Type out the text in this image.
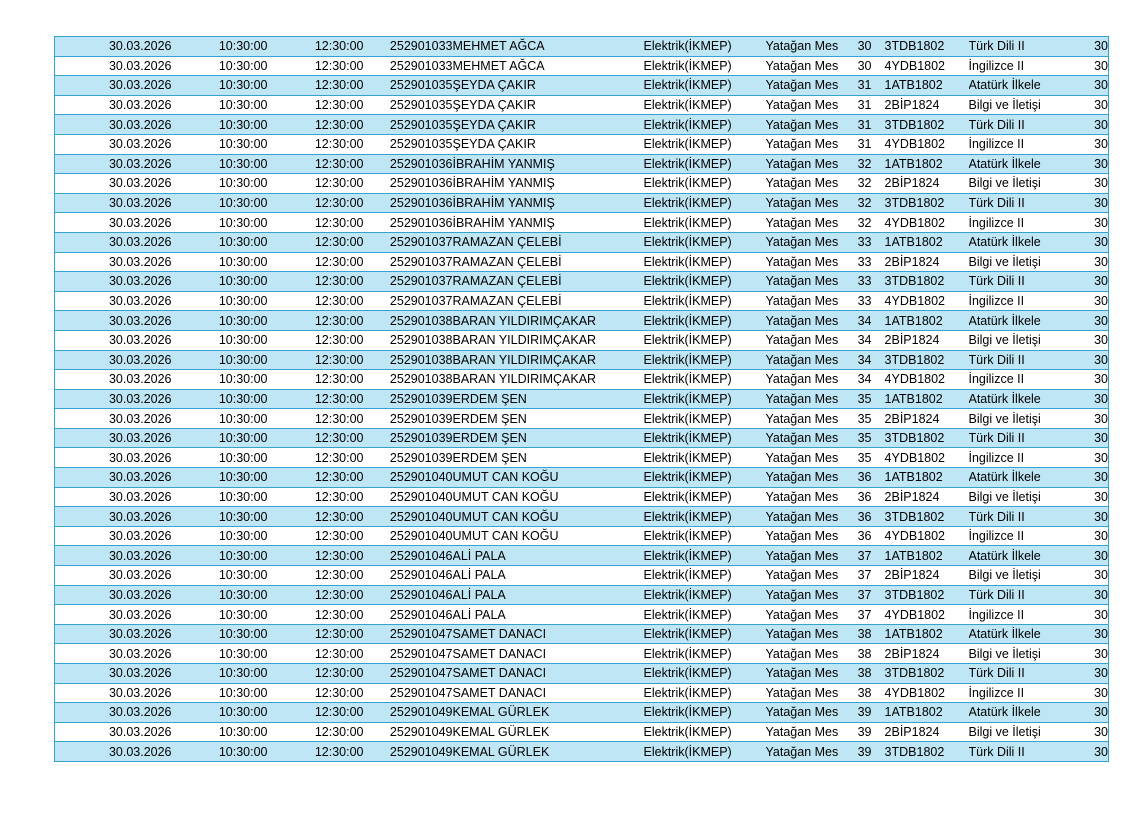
30.03.2026	10:30:00	12:30:00	252901033	MEHMET AĞCA	Elektrik(İKMEP)	Yatağan Mes	30	3	TDB1802	Türk Dili II	30
30.03.2026	10:30:00	12:30:00	252901033	MEHMET AĞCA	Elektrik(İKMEP)	Yatağan Mes	30	4	YDB1802	İngilizce II	30
30.03.2026	10:30:00	12:30:00	252901035	ŞEYDA ÇAKIR	Elektrik(İKMEP)	Yatağan Mes	31	1	ATB1802	Atatürk İlkele	30
30.03.2026	10:30:00	12:30:00	252901035	ŞEYDA ÇAKIR	Elektrik(İKMEP)	Yatağan Mes	31	2	BİP1824	Bilgi ve İletişi	30
30.03.2026	10:30:00	12:30:00	252901035	ŞEYDA ÇAKIR	Elektrik(İKMEP)	Yatağan Mes	31	3	TDB1802	Türk Dili II	30
30.03.2026	10:30:00	12:30:00	252901035	ŞEYDA ÇAKIR	Elektrik(İKMEP)	Yatağan Mes	31	4	YDB1802	İngilizce II	30
30.03.2026	10:30:00	12:30:00	252901036	İBRAHİM YANMIŞ	Elektrik(İKMEP)	Yatağan Mes	32	1	ATB1802	Atatürk İlkele	30
30.03.2026	10:30:00	12:30:00	252901036	İBRAHİM YANMIŞ	Elektrik(İKMEP)	Yatağan Mes	32	2	BİP1824	Bilgi ve İletişi	30
30.03.2026	10:30:00	12:30:00	252901036	İBRAHİM YANMIŞ	Elektrik(İKMEP)	Yatağan Mes	32	3	TDB1802	Türk Dili II	30
30.03.2026	10:30:00	12:30:00	252901036	İBRAHİM YANMIŞ	Elektrik(İKMEP)	Yatağan Mes	32	4	YDB1802	İngilizce II	30
30.03.2026	10:30:00	12:30:00	252901037	RAMAZAN ÇELEBİ	Elektrik(İKMEP)	Yatağan Mes	33	1	ATB1802	Atatürk İlkele	30
30.03.2026	10:30:00	12:30:00	252901037	RAMAZAN ÇELEBİ	Elektrik(İKMEP)	Yatağan Mes	33	2	BİP1824	Bilgi ve İletişi	30
30.03.2026	10:30:00	12:30:00	252901037	RAMAZAN ÇELEBİ	Elektrik(İKMEP)	Yatağan Mes	33	3	TDB1802	Türk Dili II	30
30.03.2026	10:30:00	12:30:00	252901037	RAMAZAN ÇELEBİ	Elektrik(İKMEP)	Yatağan Mes	33	4	YDB1802	İngilizce II	30
30.03.2026	10:30:00	12:30:00	252901038	BARAN YILDIRIMÇAKAR	Elektrik(İKMEP)	Yatağan Mes	34	1	ATB1802	Atatürk İlkele	30
30.03.2026	10:30:00	12:30:00	252901038	BARAN YILDIRIMÇAKAR	Elektrik(İKMEP)	Yatağan Mes	34	2	BİP1824	Bilgi ve İletişi	30
30.03.2026	10:30:00	12:30:00	252901038	BARAN YILDIRIMÇAKAR	Elektrik(İKMEP)	Yatağan Mes	34	3	TDB1802	Türk Dili II	30
30.03.2026	10:30:00	12:30:00	252901038	BARAN YILDIRIMÇAKAR	Elektrik(İKMEP)	Yatağan Mes	34	4	YDB1802	İngilizce II	30
30.03.2026	10:30:00	12:30:00	252901039	ERDEM ŞEN	Elektrik(İKMEP)	Yatağan Mes	35	1	ATB1802	Atatürk İlkele	30
30.03.2026	10:30:00	12:30:00	252901039	ERDEM ŞEN	Elektrik(İKMEP)	Yatağan Mes	35	2	BİP1824	Bilgi ve İletişi	30
30.03.2026	10:30:00	12:30:00	252901039	ERDEM ŞEN	Elektrik(İKMEP)	Yatağan Mes	35	3	TDB1802	Türk Dili II	30
30.03.2026	10:30:00	12:30:00	252901039	ERDEM ŞEN	Elektrik(İKMEP)	Yatağan Mes	35	4	YDB1802	İngilizce II	30
30.03.2026	10:30:00	12:30:00	252901040	UMUT CAN KOĞU	Elektrik(İKMEP)	Yatağan Mes	36	1	ATB1802	Atatürk İlkele	30
30.03.2026	10:30:00	12:30:00	252901040	UMUT CAN KOĞU	Elektrik(İKMEP)	Yatağan Mes	36	2	BİP1824	Bilgi ve İletişi	30
30.03.2026	10:30:00	12:30:00	252901040	UMUT CAN KOĞU	Elektrik(İKMEP)	Yatağan Mes	36	3	TDB1802	Türk Dili II	30
30.03.2026	10:30:00	12:30:00	252901040	UMUT CAN KOĞU	Elektrik(İKMEP)	Yatağan Mes	36	4	YDB1802	İngilizce II	30
30.03.2026	10:30:00	12:30:00	252901046	ALİ PALA	Elektrik(İKMEP)	Yatağan Mes	37	1	ATB1802	Atatürk İlkele	30
30.03.2026	10:30:00	12:30:00	252901046	ALİ PALA	Elektrik(İKMEP)	Yatağan Mes	37	2	BİP1824	Bilgi ve İletişi	30
30.03.2026	10:30:00	12:30:00	252901046	ALİ PALA	Elektrik(İKMEP)	Yatağan Mes	37	3	TDB1802	Türk Dili II	30
30.03.2026	10:30:00	12:30:00	252901046	ALİ PALA	Elektrik(İKMEP)	Yatağan Mes	37	4	YDB1802	İngilizce II	30
30.03.2026	10:30:00	12:30:00	252901047	SAMET DANACI	Elektrik(İKMEP)	Yatağan Mes	38	1	ATB1802	Atatürk İlkele	30
30.03.2026	10:30:00	12:30:00	252901047	SAMET DANACI	Elektrik(İKMEP)	Yatağan Mes	38	2	BİP1824	Bilgi ve İletişi	30
30.03.2026	10:30:00	12:30:00	252901047	SAMET DANACI	Elektrik(İKMEP)	Yatağan Mes	38	3	TDB1802	Türk Dili II	30
30.03.2026	10:30:00	12:30:00	252901047	SAMET DANACI	Elektrik(İKMEP)	Yatağan Mes	38	4	YDB1802	İngilizce II	30
30.03.2026	10:30:00	12:30:00	252901049	KEMAL GÜRLEK	Elektrik(İKMEP)	Yatağan Mes	39	1	ATB1802	Atatürk İlkele	30
30.03.2026	10:30:00	12:30:00	252901049	KEMAL GÜRLEK	Elektrik(İKMEP)	Yatağan Mes	39	2	BİP1824	Bilgi ve İletişi	30
30.03.2026	10:30:00	12:30:00	252901049	KEMAL GÜRLEK	Elektrik(İKMEP)	Yatağan Mes	39	3	TDB1802	Türk Dili II	30
